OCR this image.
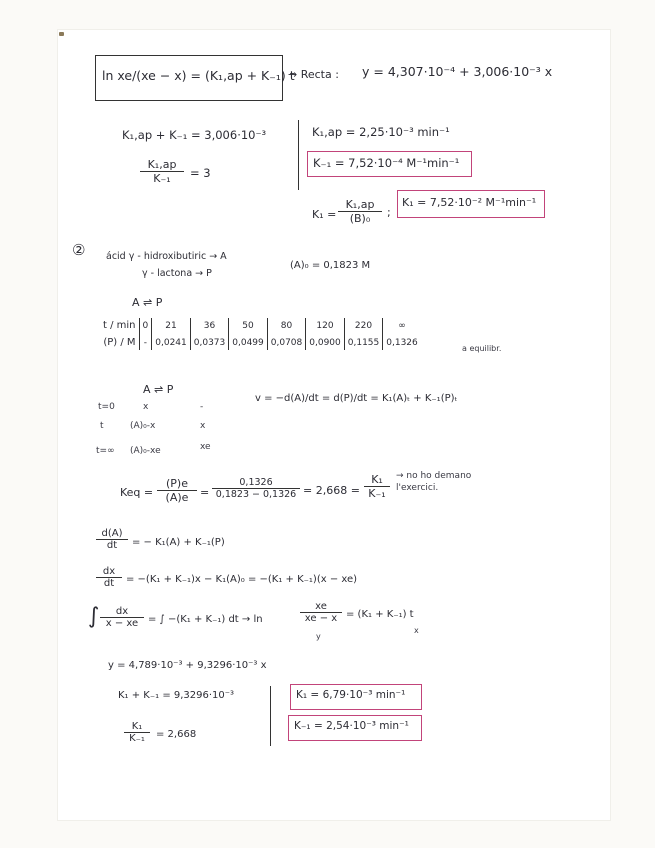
ln xe/(xe − x) = (K₁,ap + K₋₁) t
→ Recta : y = 4,307·10⁻⁴ + 3,006·10⁻³ x
K₁,ap + K₋₁ = 3,006·10⁻³
$\frac{\text{K₁,ap}}{\text{K₋₁}} = 3$
K₁,ap = 2,25·10⁻³ min⁻¹
K₋₁ = 7,52·10⁻⁴ M⁻¹min⁻¹
$K_1 = \frac{\text{K₁,ap}}{\text{(B)₀}}$ ;
K₁ = 7,52·10⁻² M⁻¹min⁻¹
② ácid γ - hidroxibutiric → A
γ - lactona → P
(A)₀ = 0,1823 M
A ⇌ P
t / min	0	21	36	50	80	120	220	∞
(P) / M	-	0,0241	0,0373	0,0499	0,0708	0,0900	0,1155	0,1326
a equilibr.
A ⇌ P
t=0	x	-
t	(A)₀-x	x
t=∞ (A)₀-xe	xe
v = −d(A)/dt = d(P)/dt = K₁(A)ₜ + K₋₁(P)ₜ
Keq = $\frac{(P)e}{(A)e} = \frac{0,1326}{0,1823 - 0,1326} = 2,668 = \frac{\text{K₁}}{\text{K₋₁}}$ → no ho demano l'exercici.
$\frac{d(A)}{dt}$ = − K₁(A) + K₋₁(P)
$\frac{dx}{dt} = -(K_1 + K_{-1})x - K_1(A)_0 = -(K_1 + K_{-1})(x - xe)$
∫ $\frac{dx}{x - xe}$ = ∫ −(K₁ + K₋₁) dt → ln	$\frac{xe}{xe - x} = (K_1 + K_{-1})$ t
y
x
y = 4,789·10⁻³ + 9,3296·10⁻³ x
K₁ + K₋₁ = 9,3296·10⁻³
$\frac{\text{K₁}}{\text{K₋₁}} = 2,668$
K₁ = 6,79·10⁻³ min⁻¹
K₋₁ = 2,54·10⁻³ min⁻¹
